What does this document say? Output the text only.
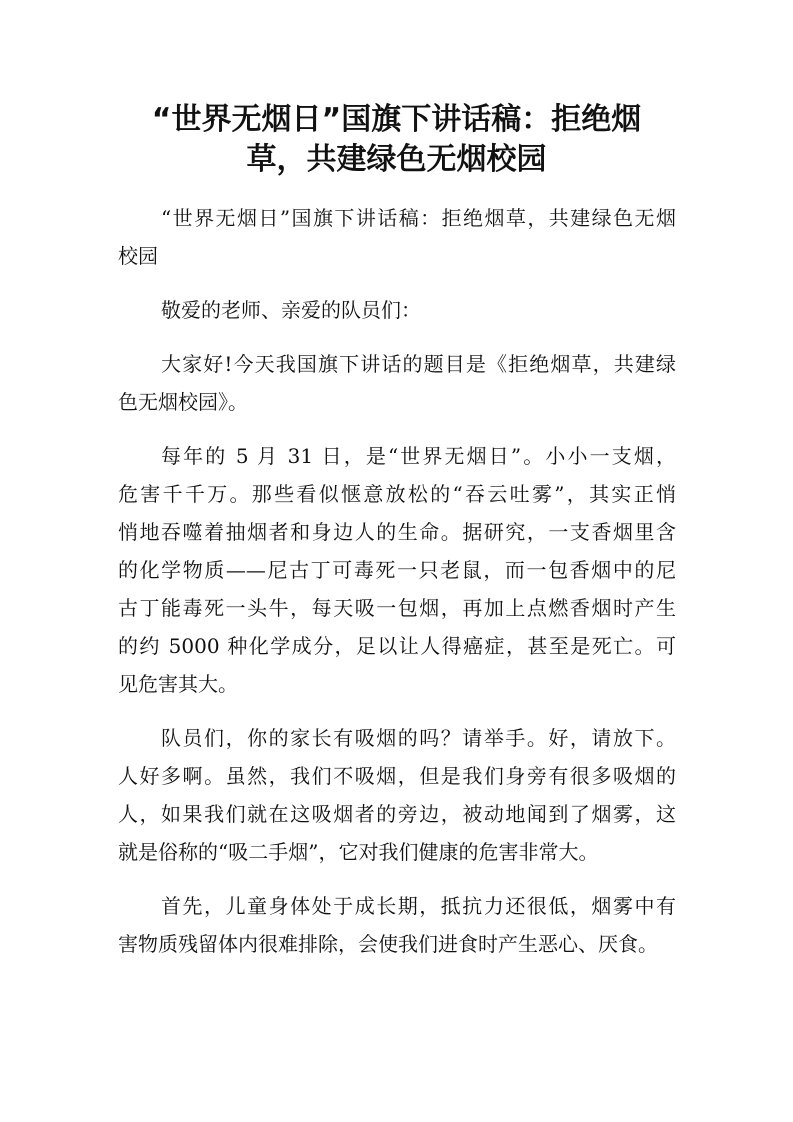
“世界无烟日”国旗下讲话稿：拒绝烟
草，共建绿色无烟校园
“世界无烟日”国旗下讲话稿：拒绝烟草，共建绿色无烟
校园
敬爱的老师、亲爱的队员们：
大家好!今天我国旗下讲话的题目是《拒绝烟草，共建绿
色无烟校园》。
每年的 5 月 31 日，是“世界无烟日”。小小一支烟，
危害千千万。那些看似惬意放松的“吞云吐雾”，其实正悄
悄地吞噬着抽烟者和身边人的生命。据研究，一支香烟里含
的化学物质——尼古丁可毒死一只老鼠，而一包香烟中的尼
古丁能毒死一头牛，每天吸一包烟，再加上点燃香烟时产生
的约 5000 种化学成分，足以让人得癌症，甚至是死亡。可
见危害其大。
队员们，你的家长有吸烟的吗？请举手。好，请放下。
人好多啊。虽然，我们不吸烟，但是我们身旁有很多吸烟的
人，如果我们就在这吸烟者的旁边，被动地闻到了烟雾，这
就是俗称的“吸二手烟”，它对我们健康的危害非常大。
首先，儿童身体处于成长期，抵抗力还很低，烟雾中有
害物质残留体内很难排除，会使我们进食时产生恶心、厌食。
